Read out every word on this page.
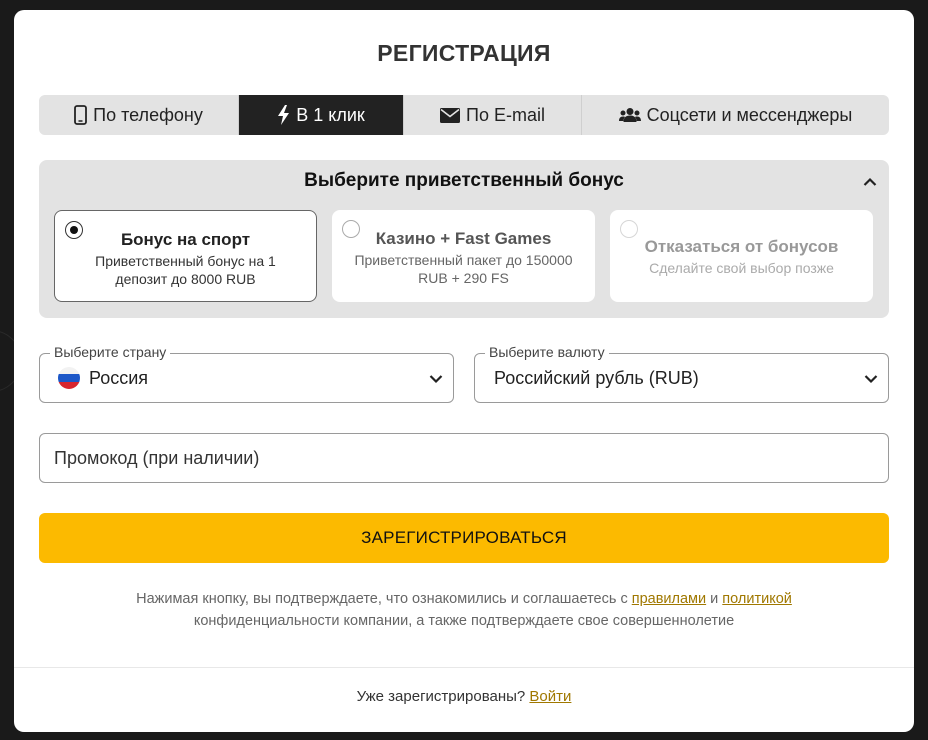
РЕГИСТРАЦИЯ
По телефону	В 1 клик	По E-mail	Соцсети и мессенджеры
Выберите приветственный бонус
Бонус на спорт
Приветственный бонус на 1 депозит до 8000 RUB
Казино + Fast Games
Приветственный пакет до 150000 RUB + 290 FS
Отказаться от бонусов
Сделайте свой выбор позже
Выберите страну
Россия
Выберите валюту
Российский рубль (RUB)
Промокод (при наличии)
ЗАРЕГИСТРИРОВАТЬСЯ
Нажимая кнопку, вы подтверждаете, что ознакомились и соглашаетесь с правилами и политикой конфиденциальности компании, а также подтверждаете свое совершеннолетие
Уже зарегистрированы? Войти
